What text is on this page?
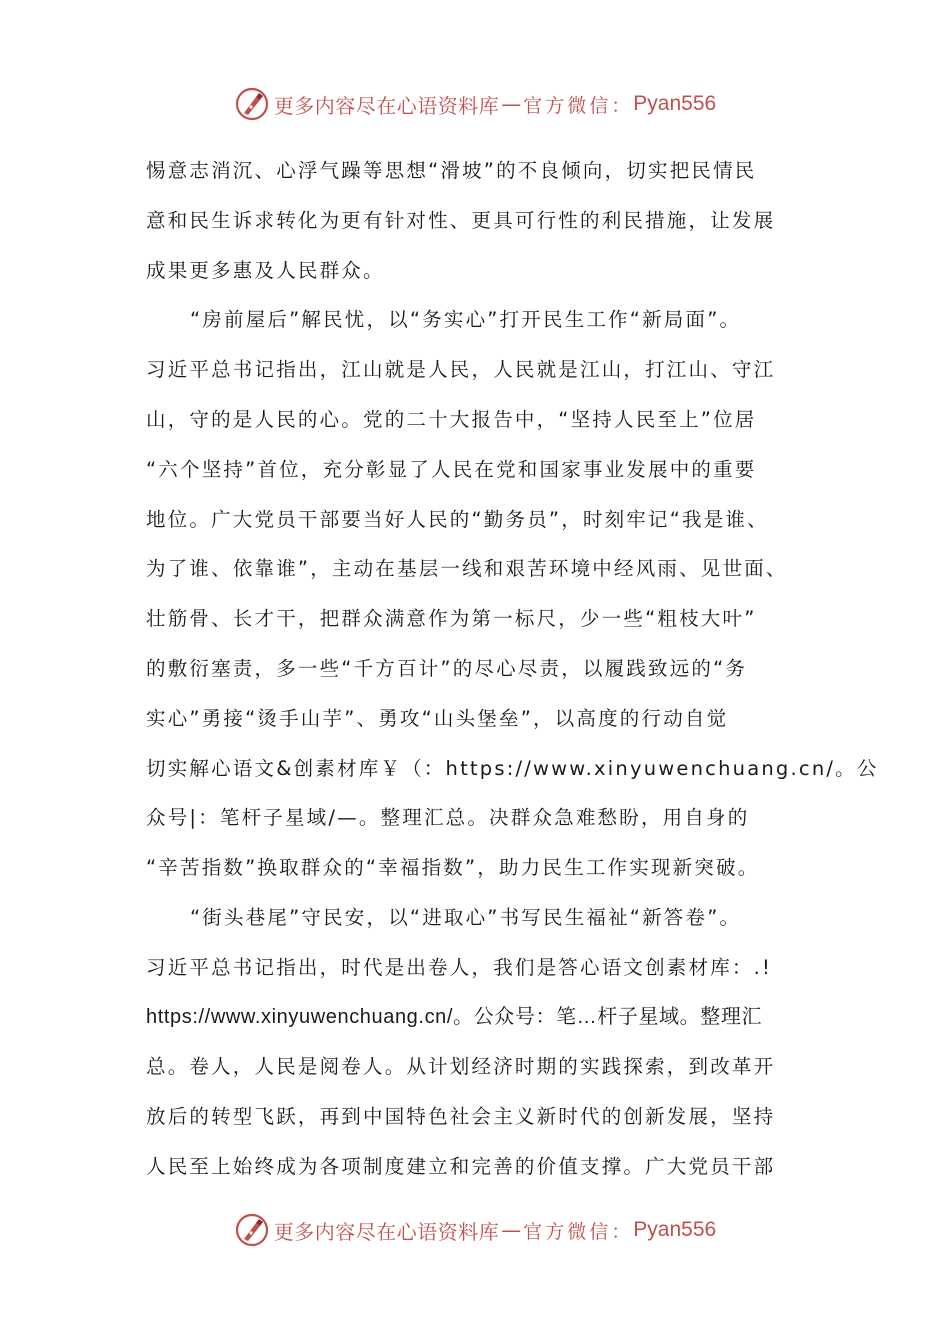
更多内容尽在心语资料库 — 官方微信： Pyan556
惕意志消沉、心浮气躁等思想“滑坡”的不良倾向，切实把民情民
意和民生诉求转化为更有针对性、更具可行性的利民措施，让发展
成果更多惠及人民群众。
“房前屋后”解民忧，以“务实心”打开民生工作“新局面”。
习近平总书记指出，江山就是人民，人民就是江山，打江山、守江
山，守的是人民的心。党的二十大报告中，“坚持人民至上”位居
“六个坚持”首位，充分彰显了人民在党和国家事业发展中的重要
地位。广大党员干部要当好人民的“勤务员”，时刻牢记“我是谁、
为了谁、依靠谁”，主动在基层一线和艰苦环境中经风雨、见世面、
壮筋骨、长才干，把群众满意作为第一标尺，少一些“粗枝大叶”
的敷衍塞责，多一些“千方百计”的尽心尽责，以履践致远的“务
实心”勇接“烫手山芋”、勇攻“山头堡垒”，以高度的行动自觉
切实解心语文&创素材库￥（：https://www.xinyuwenchuang.cn/。公
众号|：笔杆子星域/—。整理汇总。决群众急难愁盼，用自身的
“辛苦指数”换取群众的“幸福指数”，助力民生工作实现新突破。
“街头巷尾”守民安，以“进取心”书写民生福祉“新答卷”。
习近平总书记指出，时代是出卷人，我们是答心语文创素材库：.!
https://www.xinyuwenchuang.cn/。公众号：笔…杆子星域。整理汇
总。卷人，人民是阅卷人。从计划经济时期的实践探索，到改革开
放后的转型飞跃，再到中国特色社会主义新时代的创新发展，坚持
人民至上始终成为各项制度建立和完善的价值支撑。广大党员干部
更多内容尽在心语资料库 — 官方微信： Pyan556
